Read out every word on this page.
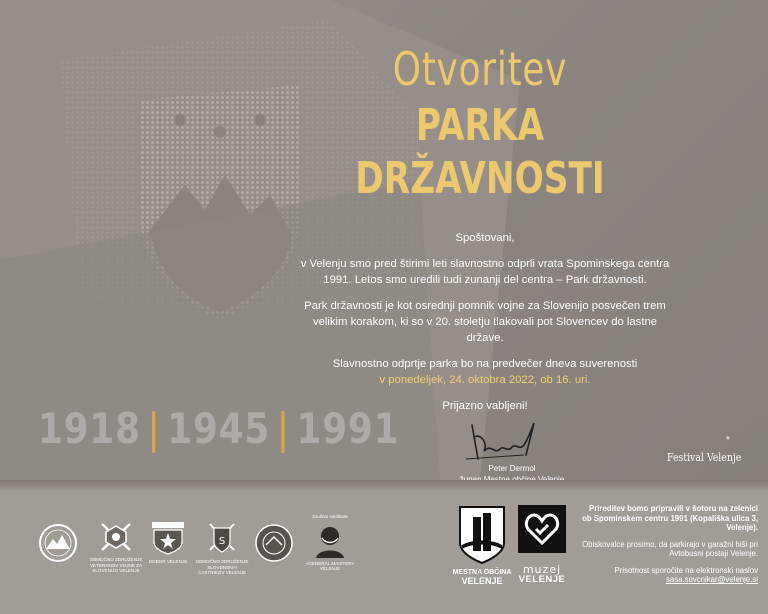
Otvoritev
PARKA
DRŽAVNOSTI

Spoštovani,

v Velenju smo pred štirimi leti slavnostno odprli vrata Spominskega centra 1991. Letos smo uredili tudi zunanji del centra – Park državnosti.

Park državnosti je kot osrednji pomnik vojne za Slovenijo posvečen trem velikim korakom, ki so v 20. stoletju tlakovali pot Slovencev do lastne države.

Slavnostno odprtje parka bo na predvečer dneva suverenosti
v ponedeljek, 24. oktobra 2022, ob 16. uri.

Prijazno vabljeni!

1918 | 1945 | 1991
Peter Dermol
*
Festival Velenje
OBMOČNO ZDRUŽENJE VETERANOV VOJNE ZA SLOVENIJO VELENJE
ODBOR VELENJE
S
OBMOČNO ZDRUŽENJE SLOVENSKIH ČASTNIKOV VELENJE
Društvo sindikata
»GENERAL MAISTER« VELENJE	MESTNA OBČINA
VELENJE
muzej
VELENJE

Prireditev bomo pripravili v šotoru na zelenici ob Spominskem centru 1991 (Kopališka ulica 3, Velenje).

Obiskovalce prosimo, da parkirajo v garažni hiši pri Avtobusni postaji Velenje.

Prisotnost sporočite na elektronski naslov
sasa.sevcnikar@velenje.si
